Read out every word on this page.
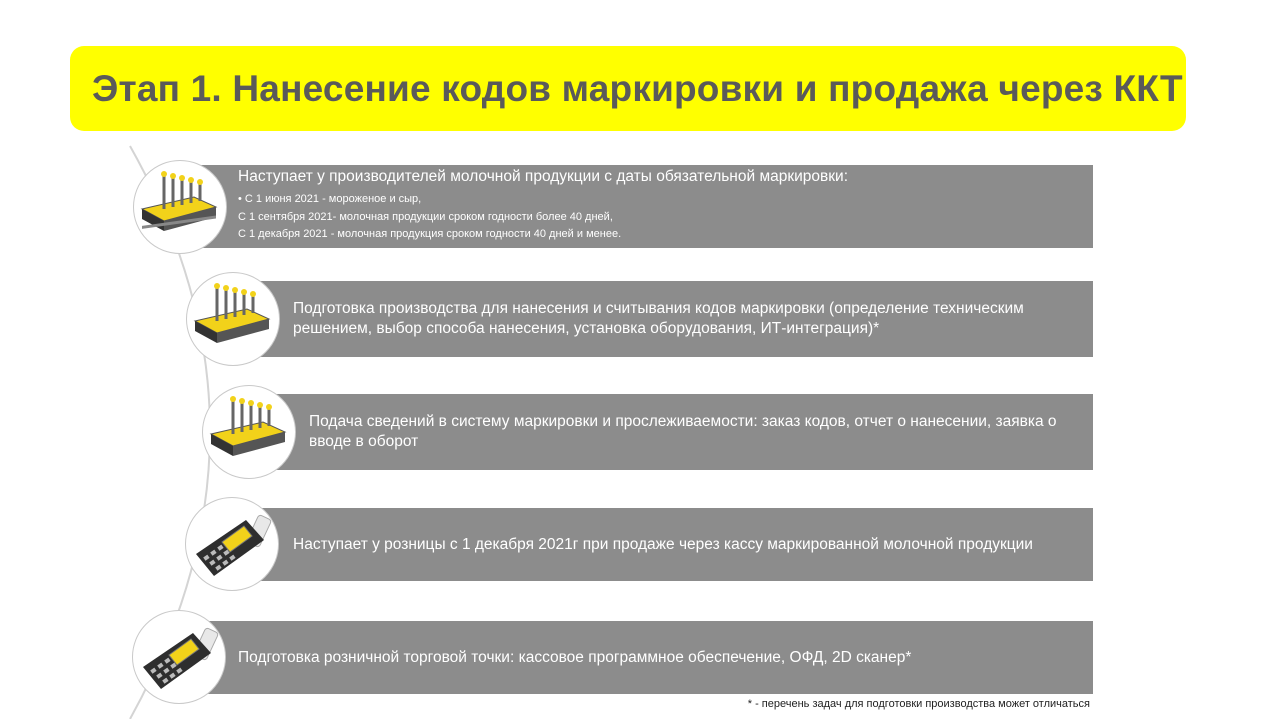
Этап 1. Нанесение кодов маркировки и продажа через ККТ
Наступает у производителей молочной продукции с даты обязательной маркировки:
• С 1 июня 2021 - мороженое и сыр,
С 1 сентября 2021- молочная продукции сроком годности более 40 дней,
С 1 декабря 2021 - молочная продукция сроком годности 40 дней и менее.
Подготовка производства для нанесения и считывания кодов маркировки (определение техническим решением, выбор способа нанесения, установка оборудования, ИТ-интеграция)*
Подача сведений в систему маркировки и прослеживаемости: заказ кодов, отчет о нанесении, заявка о вводе в оборот
Наступает у розницы с 1 декабря 2021г при продаже через кассу маркированной молочной продукции
Подготовка розничной торговой точки: кассовое программное обеспечение, ОФД, 2D сканер*
* - перечень задач для подготовки производства может отличаться
